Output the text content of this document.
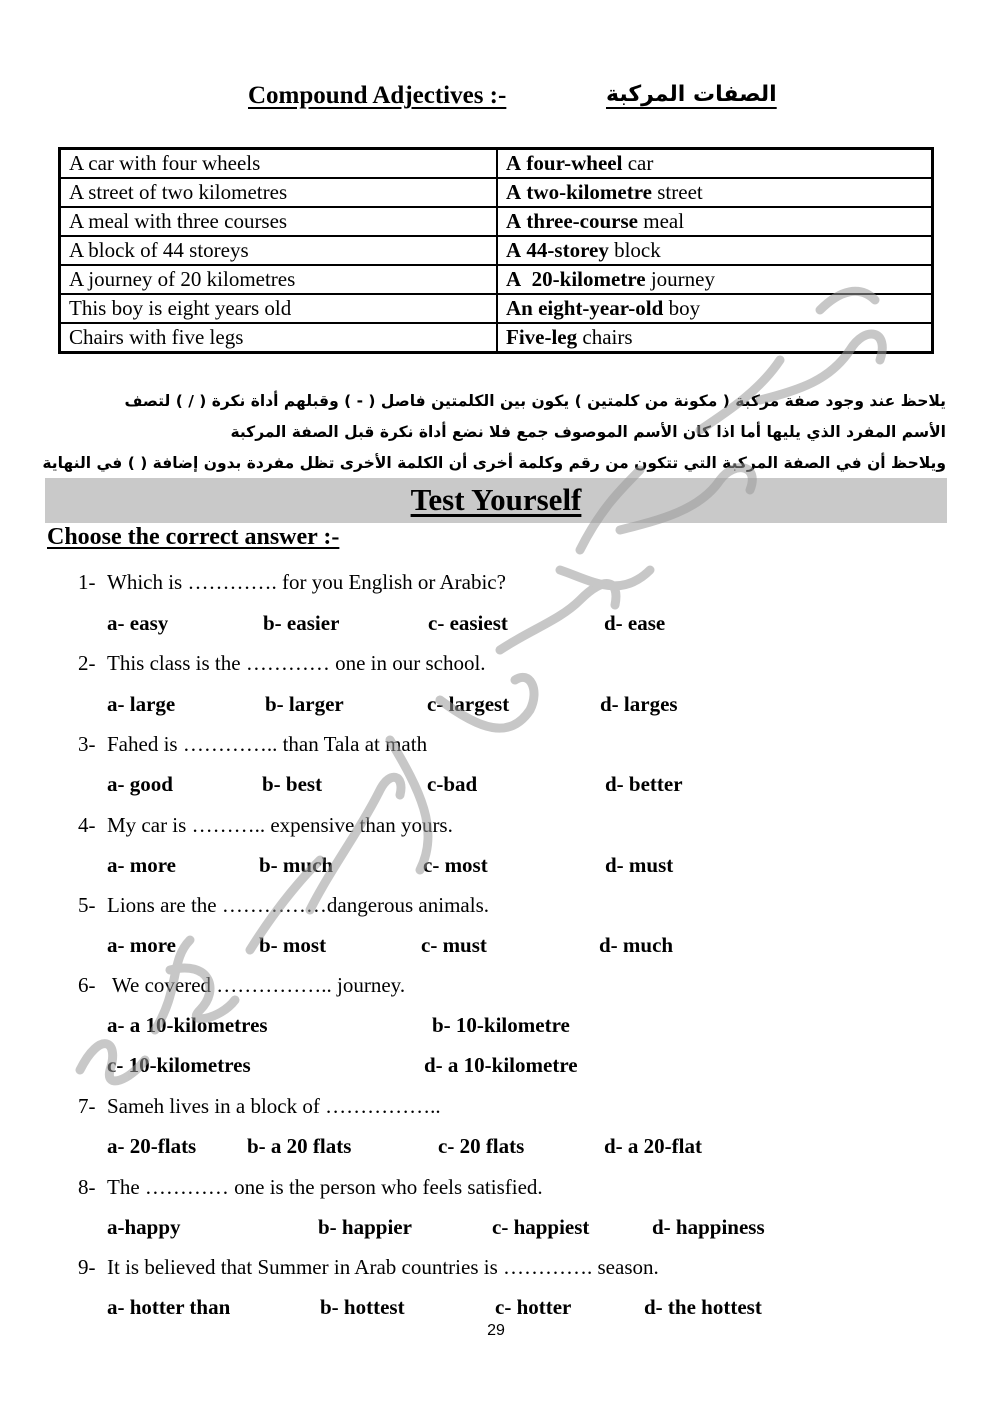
Compound Adjectives :-	الصفات المركبة
A car with four wheels	A four-wheel car
A street of two kilometres	A two-kilometre street
A meal with three courses	A three-course meal
A block of 44 storeys	A 44-storey block
A journey of 20 kilometres	A 20-kilometre journey
This boy is eight years old	An eight-year-old boy
Chairs with five legs	Five-leg chairs
يلاحظ عند وجود صفة مركبة ( مكونة من كلمتين ) يكون بين الكلمتين فاصل ( - ) وقبلهم أداة نكرة ( / ) لتصف
الأسم المفرد الذي يليها أما اذا كان الأسم الموصوف جمع فلا نضع أداة نكرة قبل الصفة المركبة
ويلاحظ أن في الصفة المركبة التي تتكون من رقم وكلمة أخرى أن الكلمة الأخرى تظل مفردة بدون إضافة ( ) في النهاية
Test Yourself
Choose the correct answer :-
1- Which is …………. for you English or Arabic?
a- easy	b- easier	c- easiest	d- ease
2- This class is the ………… one in our school.
a- large	b- larger	c- largest	d- larges
3- Fahed is ………….. than Tala at math
a- good	b- best	c-bad	d- better
4- My car is ……….. expensive than yours.
a- more	b- much	c- most	d- must
5- Lions are the ……………dangerous animals.
a- more	b- most	c- must	d- much
6- We covered …………….. journey.
a- a 10-kilometres	b- 10-kilometre
c- 10-kilometres	d- a 10-kilometre
7- Sameh lives in a block of ……………..
a- 20-flats b- a 20 flats	c- 20 flats	d- a 20-flat
8- The ………… one is the person who feels satisfied.
a-happy	b- happier	c- happiest	d- happiness
9- It is believed that Summer in Arab countries is …………. season.
a- hotter than	b- hottest	c- hotter	d- the hottest
29
